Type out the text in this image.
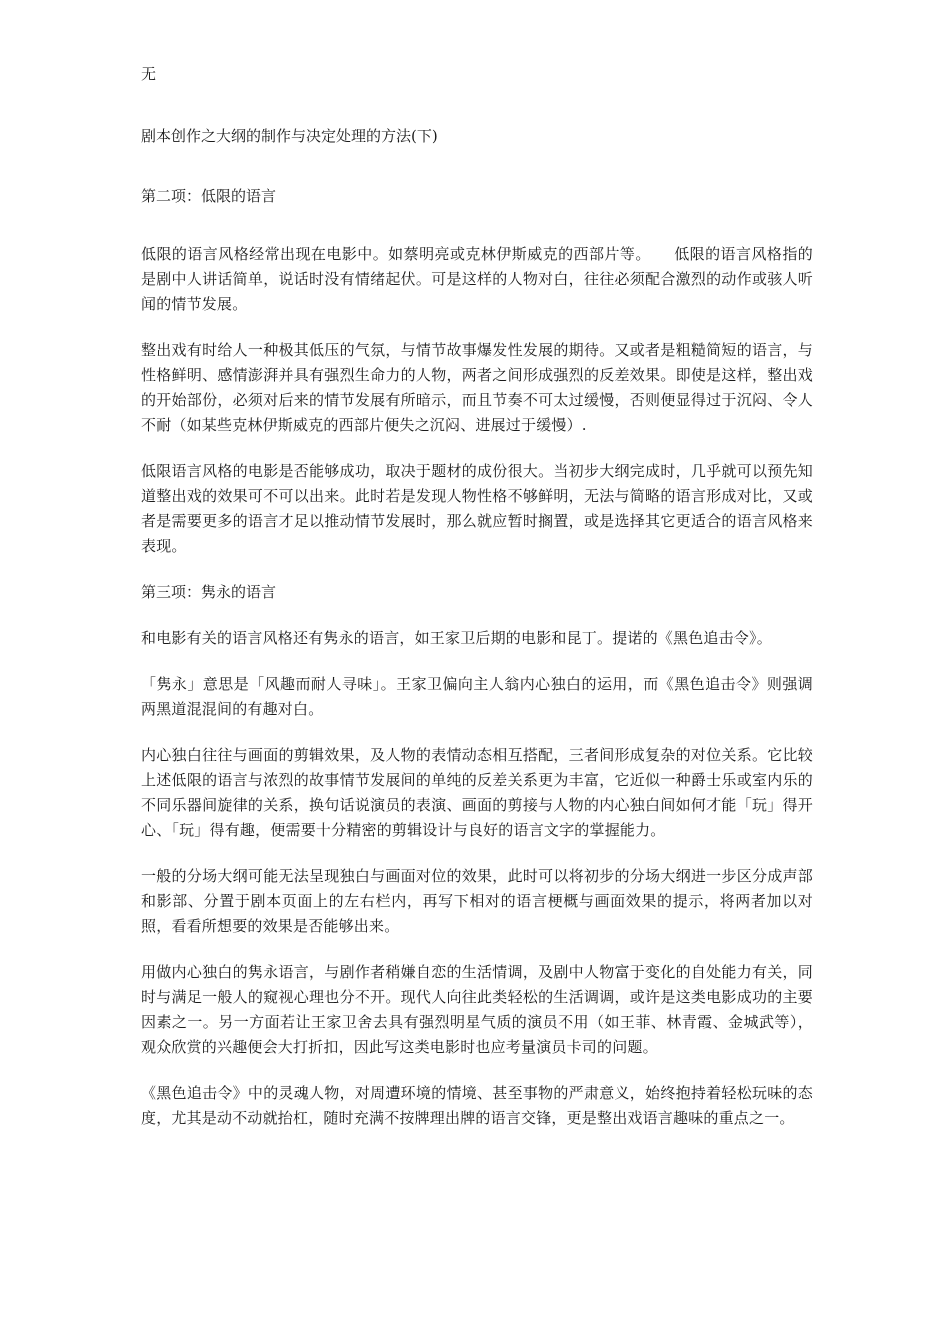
无

剧本创作之大纲的制作与决定处理的方法(下)

第二项：低限的语言

低限的语言风格经常出现在电影中。如蔡明亮或克林伊斯威克的西部片等。　　低限的语言风格指的是剧中人讲话简单，说话时没有情绪起伏。可是这样的人物对白，往往必须配合激烈的动作或骇人听闻的情节发展。

整出戏有时给人一种极其低压的气氛，与情节故事爆发性发展的期待。又或者是粗糙简短的语言，与性格鲜明、感情澎湃并具有强烈生命力的人物，两者之间形成强烈的反差效果。即使是这样，整出戏的开始部份，必须对后来的情节发展有所暗示，而且节奏不可太过缓慢，否则便显得过于沉闷、令人不耐（如某些克林伊斯威克的西部片便失之沉闷、进展过于缓慢）.

低限语言风格的电影是否能够成功，取决于题材的成份很大。当初步大纲完成时，几乎就可以预先知道整出戏的效果可不可以出来。此时若是发现人物性格不够鲜明，无法与简略的语言形成对比，又或者是需要更多的语言才足以推动情节发展时，那么就应暂时搁置，或是选择其它更适合的语言风格来表现。

第三项：隽永的语言

和电影有关的语言风格还有隽永的语言，如王家卫后期的电影和昆丁。提诺的《黑色追击令》。

「隽永」意思是「风趣而耐人寻味」。王家卫偏向主人翁内心独白的运用，而《黑色追击令》则强调两黑道混混间的有趣对白。

内心独白往往与画面的剪辑效果，及人物的表情动态相互搭配，三者间形成复杂的对位关系。它比较上述低限的语言与浓烈的故事情节发展间的单纯的反差关系更为丰富，它近似一种爵士乐或室内乐的不同乐器间旋律的关系，换句话说演员的表演、画面的剪接与人物的内心独白间如何才能「玩」得开心、「玩」得有趣，便需要十分精密的剪辑设计与良好的语言文字的掌握能力。

一般的分场大纲可能无法呈现独白与画面对位的效果，此时可以将初步的分场大纲进一步区分成声部和影部、分置于剧本页面上的左右栏内，再写下相对的语言梗概与画面效果的提示，将两者加以对照，看看所想要的效果是否能够出来。

用做内心独白的隽永语言，与剧作者稍嫌自恋的生活情调，及剧中人物富于变化的自处能力有关，同时与满足一般人的窥视心理也分不开。现代人向往此类轻松的生活调调，或许是这类电影成功的主要因素之一。另一方面若让王家卫舍去具有强烈明星气质的演员不用（如王菲、林青霞、金城武等），观众欣赏的兴趣便会大打折扣，因此写这类电影时也应考量演员卡司的问题。

《黑色追击令》中的灵魂人物，对周遭环境的情境、甚至事物的严肃意义，始终抱持着轻松玩味的态度，尤其是动不动就抬杠，随时充满不按牌理出牌的语言交锋，更是整出戏语言趣味的重点之一。
